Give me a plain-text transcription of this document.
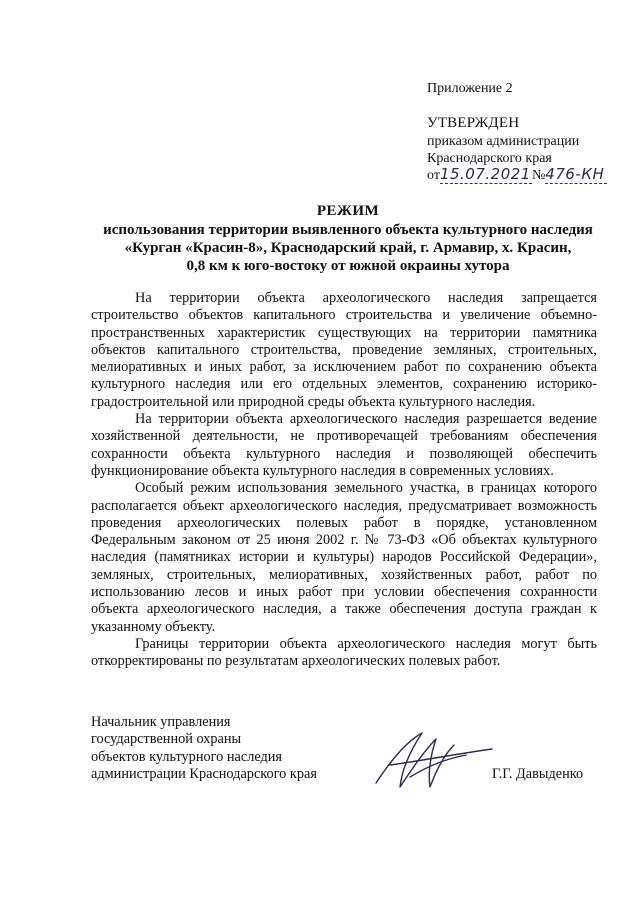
Приложение 2
УТВЕРЖДЕН
приказом администрации
Краснодарского края
от15.07.2021№476-КН
РЕЖИМ
использования территории выявленного объекта культурного наследия
«Курган «Красин-8», Краснодарский край, г. Армавир, х. Красин,
0,8 км к юго-востоку от южной окраины хутора

На территории объекта археологического наследия запрещается строительство объектов капитального строительства и увеличение объемно-пространственных характеристик существующих на территории памятника объектов капитального строительства, проведение земляных, строительных, мелиоративных и иных работ, за исключением работ по сохранению объекта культурного наследия или его отдельных элементов, сохранению историко-градостроительной или природной среды объекта культурного наследия.

На территории объекта археологического наследия разрешается ведение хозяйственной деятельности, не противоречащей требованиям обеспечения сохранности объекта культурного наследия и позволяющей обеспечить функционирование объекта культурного наследия в современных условиях.

Особый режим использования земельного участка, в границах которого располагается объект археологического наследия, предусматривает возможность проведения археологических полевых работ в порядке, установленном Федеральным законом от 25 июня 2002 г. № 73-ФЗ «Об объектах культурного наследия (памятниках истории и культуры) народов Российской Федерации», земляных, строительных, мелиоративных, хозяйственных работ, работ по использованию лесов и иных работ при условии обеспечения сохранности объекта археологического наследия, а также обеспечения доступа граждан к указанному объекту.

Границы территории объекта археологического наследия могут быть откорректированы по результатам археологических полевых работ.

Начальник управления
государственной охраны
объектов культурного наследия
администрации Краснодарского края	Г.Г. Давыденко
